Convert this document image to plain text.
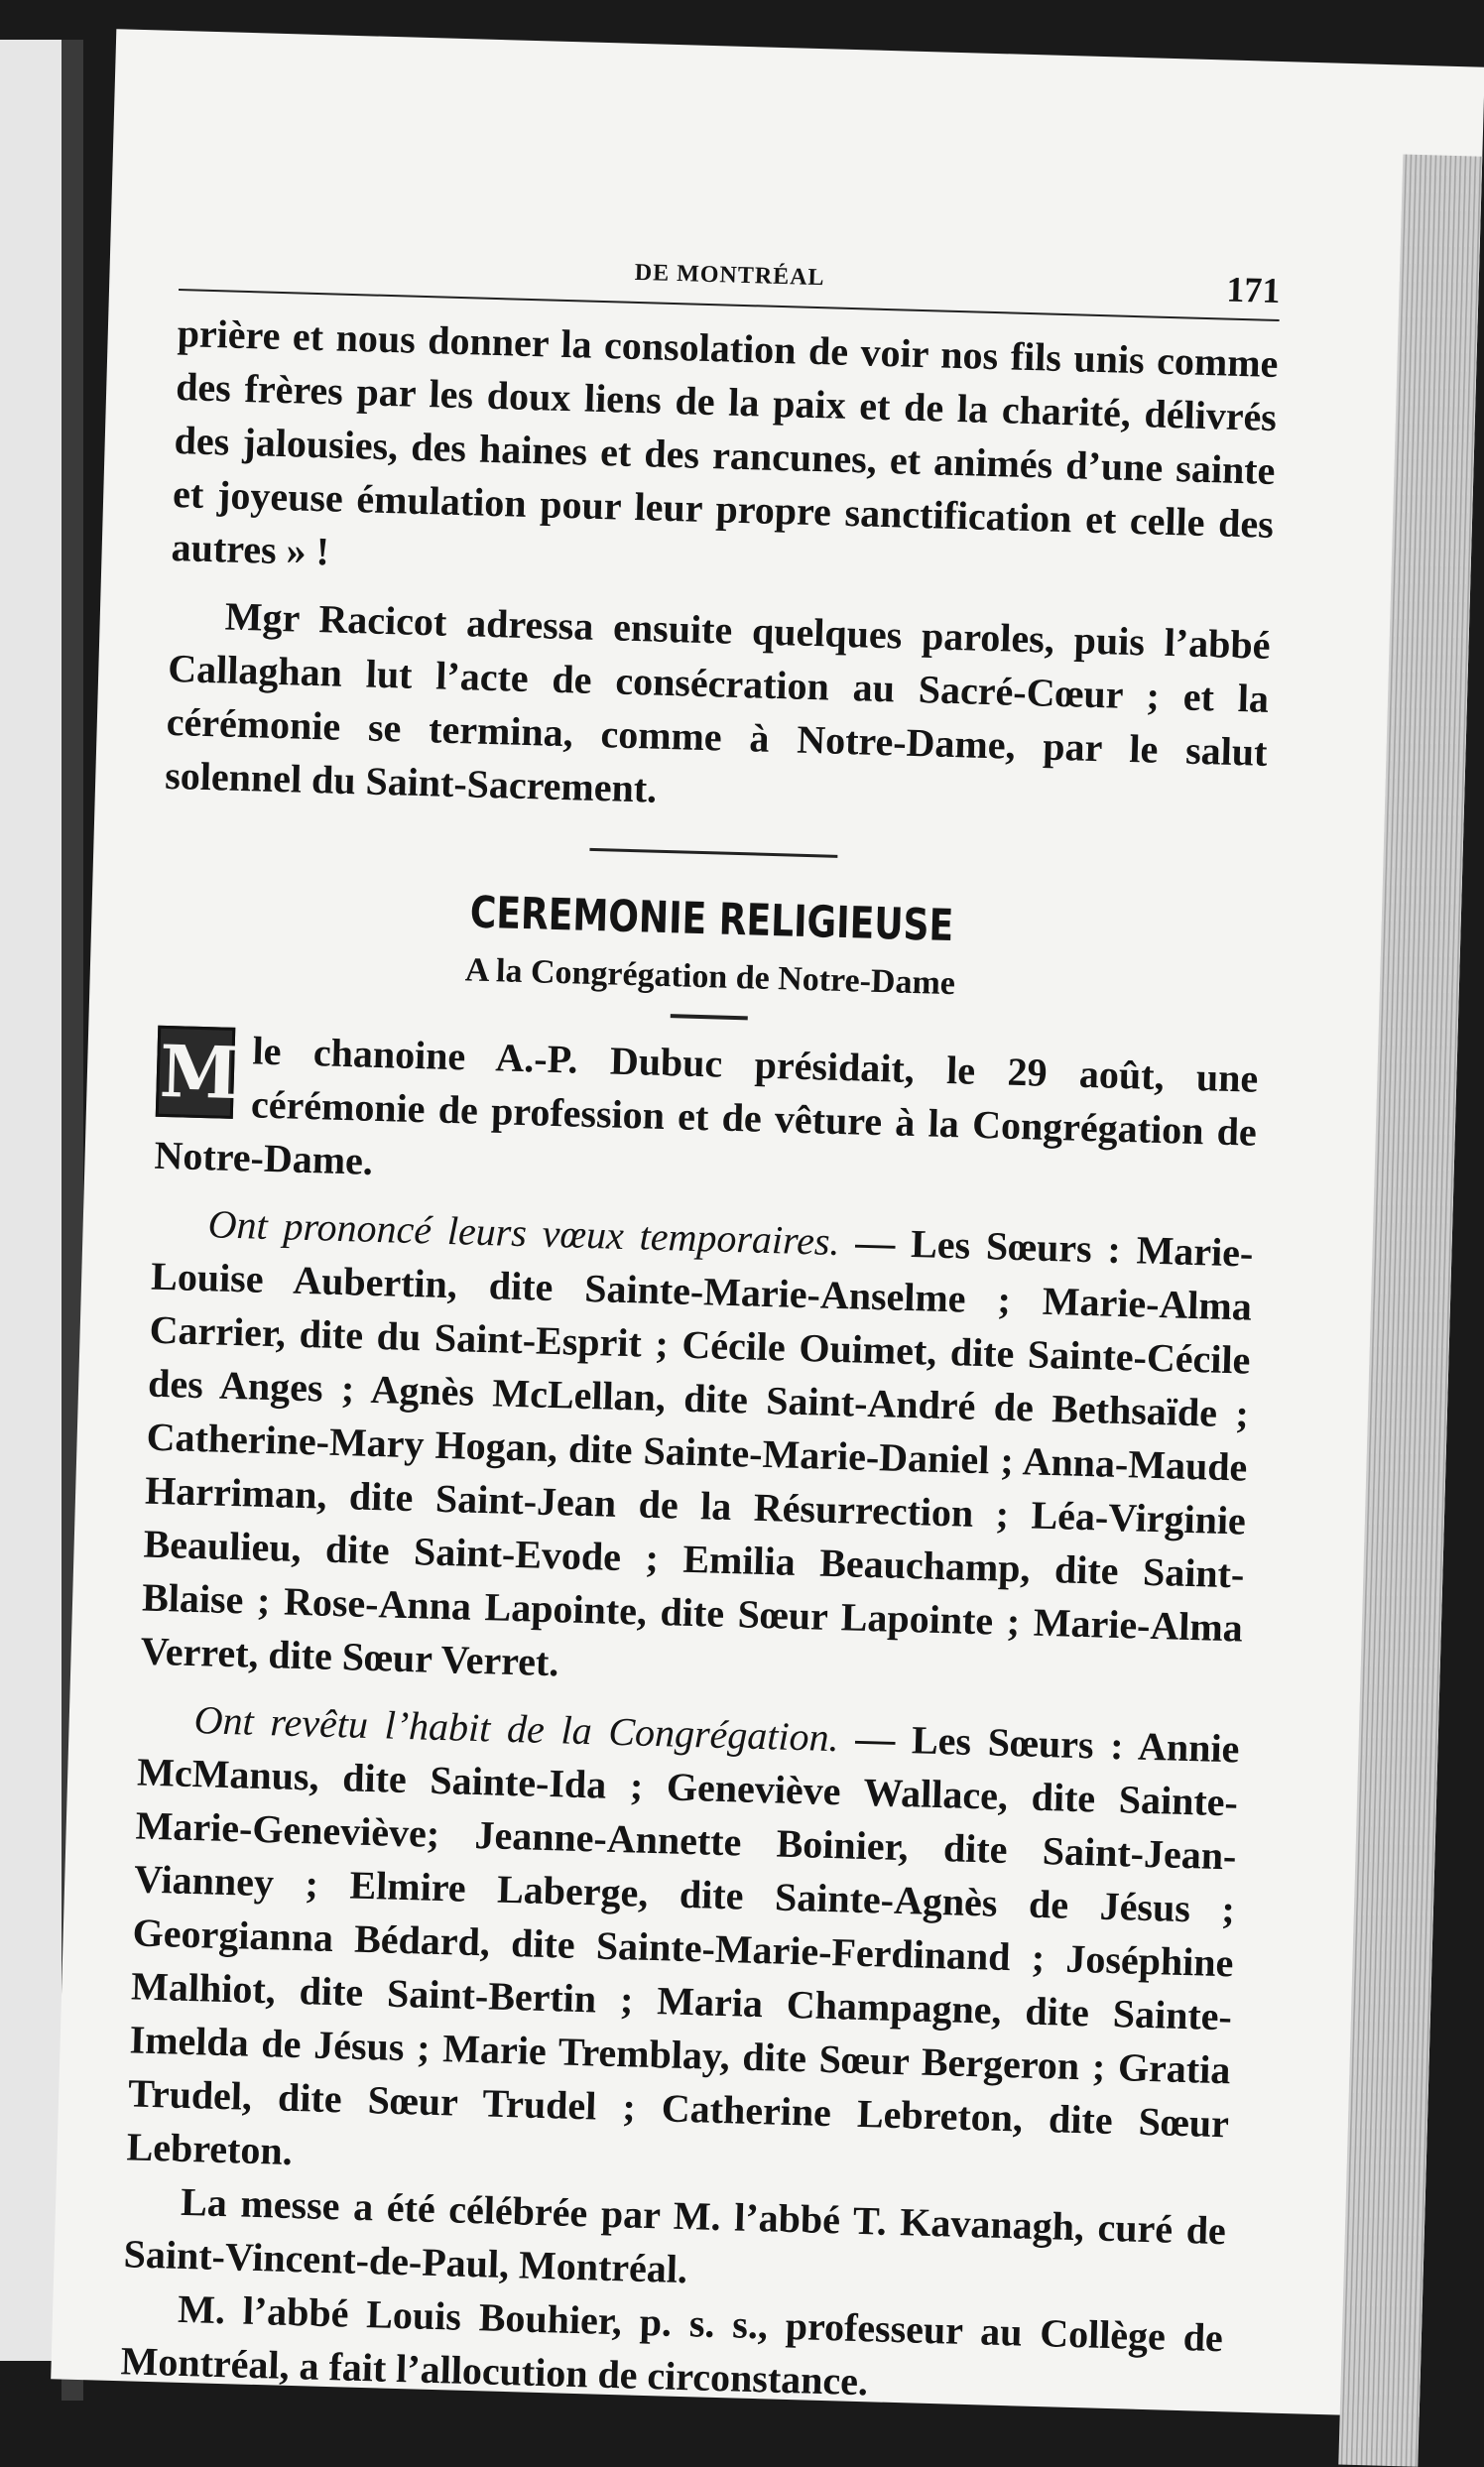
DE MONTRÉAL	171

prière et nous donner la consolation de voir nos fils unis comme des frères par les doux liens de la paix et de la charité, délivrés des jalousies, des haines et des rancunes, et animés d’une sainte et joyeuse émulation pour leur propre sanctification et celle des autres » !

Mgr Racicot adressa ensuite quelques paroles, puis l’abbé Callaghan lut l’acte de consécration au Sacré-Cœur ; et la cérémonie se termina, comme à Notre-Dame, par le salut solennel du Saint-Sacrement.

CEREMONIE RELIGIEUSE
A la Congrégation de Notre-Dame

M le chanoine A.-P. Dubuc présidait, le 29 août, une cérémonie de profession et de vêture à la Congrégation de Notre-Dame.

Ont prononcé leurs vœux temporaires. — Les Sœurs : Marie-Louise Aubertin, dite Sainte-Marie-Anselme ; Marie-Alma Carrier, dite du Saint-Esprit ; Cécile Ouimet, dite Sainte-Cécile des Anges ; Agnès McLellan, dite Saint-André de Bethsaïde ; Catherine-Mary Hogan, dite Sainte-Marie-Daniel ; Anna-Maude Harriman, dite Saint-Jean de la Résurrection ; Léa-Virginie Beaulieu, dite Saint-Evode ; Emilia Beauchamp, dite Saint-Blaise ; Rose-Anna Lapointe, dite Sœur Lapointe ; Marie-Alma Verret, dite Sœur Verret.

Ont revêtu l’habit de la Congrégation. — Les Sœurs : Annie McManus, dite Sainte-Ida ; Geneviève Wallace, dite Sainte-Marie-Geneviève; Jeanne-Annette Boinier, dite Saint-Jean-Vianney ; Elmire Laberge, dite Sainte-Agnès de Jésus ; Georgianna Bédard, dite Sainte-Marie-Ferdinand ; Joséphine Malhiot, dite Saint-Bertin ; Maria Champagne, dite Sainte-Imelda de Jésus ; Marie Tremblay, dite Sœur Bergeron ; Gratia Trudel, dite Sœur Trudel ; Catherine Lebreton, dite Sœur Lebreton.

La messe a été célébrée par M. l’abbé T. Kavanagh, curé de Saint-Vincent-de-Paul, Montréal.

M. l’abbé Louis Bouhier, p. s. s., professeur au Collège de Montréal, a fait l’allocution de circonstance.
